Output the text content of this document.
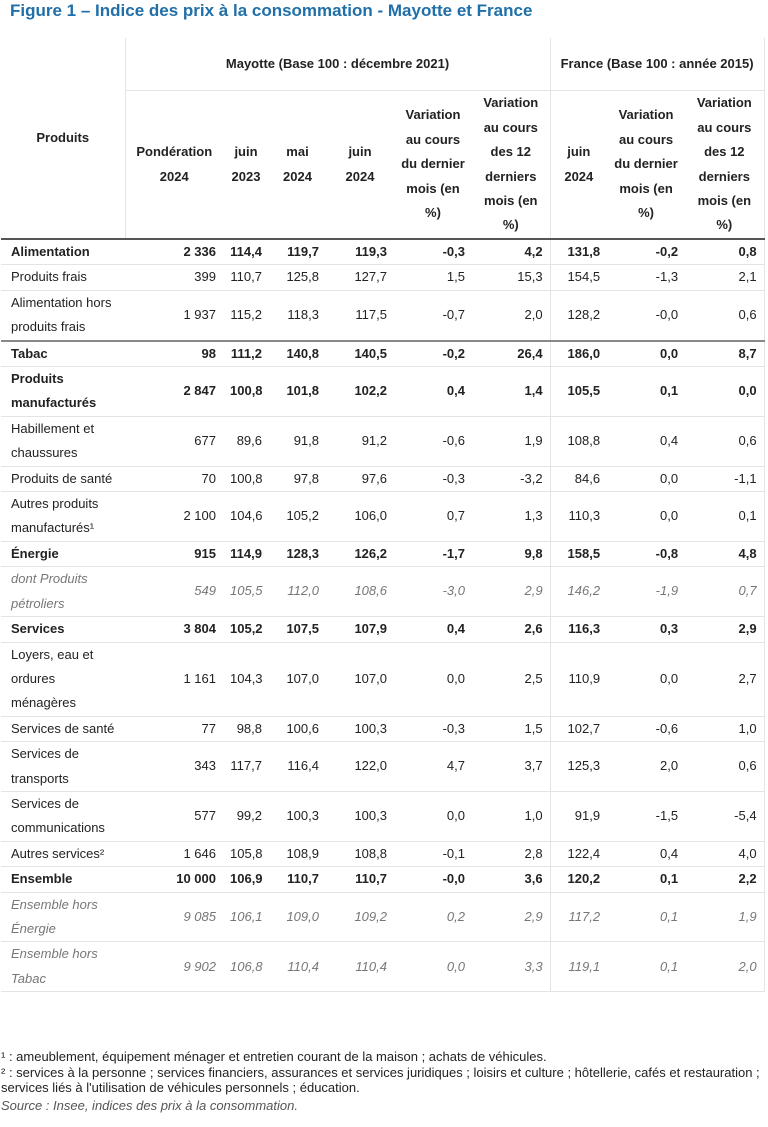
Figure 1 – Indice des prix à la consommation - Mayotte et France
Produits	Mayotte (Base 100 : décembre 2021)						France (Base 100 : année 2015)		
	Pondération 2024	juin 2023	mai 2024	juin 2024	Variation au cours du dernier mois (en %)	Variation au cours des 12 derniers mois (en %)	juin 2024	Variation au cours du dernier mois (en %)	Variation au cours des 12 derniers mois (en %)
Alimentation	2 336	114,4	119,7	119,3	-0,3	4,2	131,8	-0,2	0,8
Produits frais	399	110,7	125,8	127,7	1,5	15,3	154,5	-1,3	2,1
Alimentation hors produits frais	1 937	115,2	118,3	117,5	-0,7	2,0	128,2	-0,0	0,6
Tabac	98	111,2	140,8	140,5	-0,2	26,4	186,0	0,0	8,7
Produits manufacturés	2 847	100,8	101,8	102,2	0,4	1,4	105,5	0,1	0,0
Habillement et chaussures	677	89,6	91,8	91,2	-0,6	1,9	108,8	0,4	0,6
Produits de santé	70	100,8	97,8	97,6	-0,3	-3,2	84,6	0,0	-1,1
Autres produits manufacturés¹	2 100	104,6	105,2	106,0	0,7	1,3	110,3	0,0	0,1
Énergie	915	114,9	128,3	126,2	-1,7	9,8	158,5	-0,8	4,8
dont Produits pétroliers	549	105,5	112,0	108,6	-3,0	2,9	146,2	-1,9	0,7
Services	3 804	105,2	107,5	107,9	0,4	2,6	116,3	0,3	2,9
Loyers, eau et ordures ménagères	1 161	104,3	107,0	107,0	0,0	2,5	110,9	0,0	2,7
Services de santé	77	98,8	100,6	100,3	-0,3	1,5	102,7	-0,6	1,0
Services de transports	343	117,7	116,4	122,0	4,7	3,7	125,3	2,0	0,6
Services de communications	577	99,2	100,3	100,3	0,0	1,0	91,9	-1,5	-5,4
Autres services²	1 646	105,8	108,9	108,8	-0,1	2,8	122,4	0,4	4,0
Ensemble	10 000	106,9	110,7	110,7	-0,0	3,6	120,2	0,1	2,2
Ensemble hors Énergie	9 085	106,1	109,0	109,2	0,2	2,9	117,2	0,1	1,9
Ensemble hors Tabac	9 902	106,8	110,4	110,4	0,0	3,3	119,1	0,1	2,0
¹ : ameublement, équipement ménager et entretien courant de la maison ; achats de véhicules.
² : services à la personne ; services financiers, assurances et services juridiques ; loisirs et culture ; hôtellerie, cafés et restauration ; services liés à l'utilisation de véhicules personnels ; éducation.
Source : Insee, indices des prix à la consommation.
